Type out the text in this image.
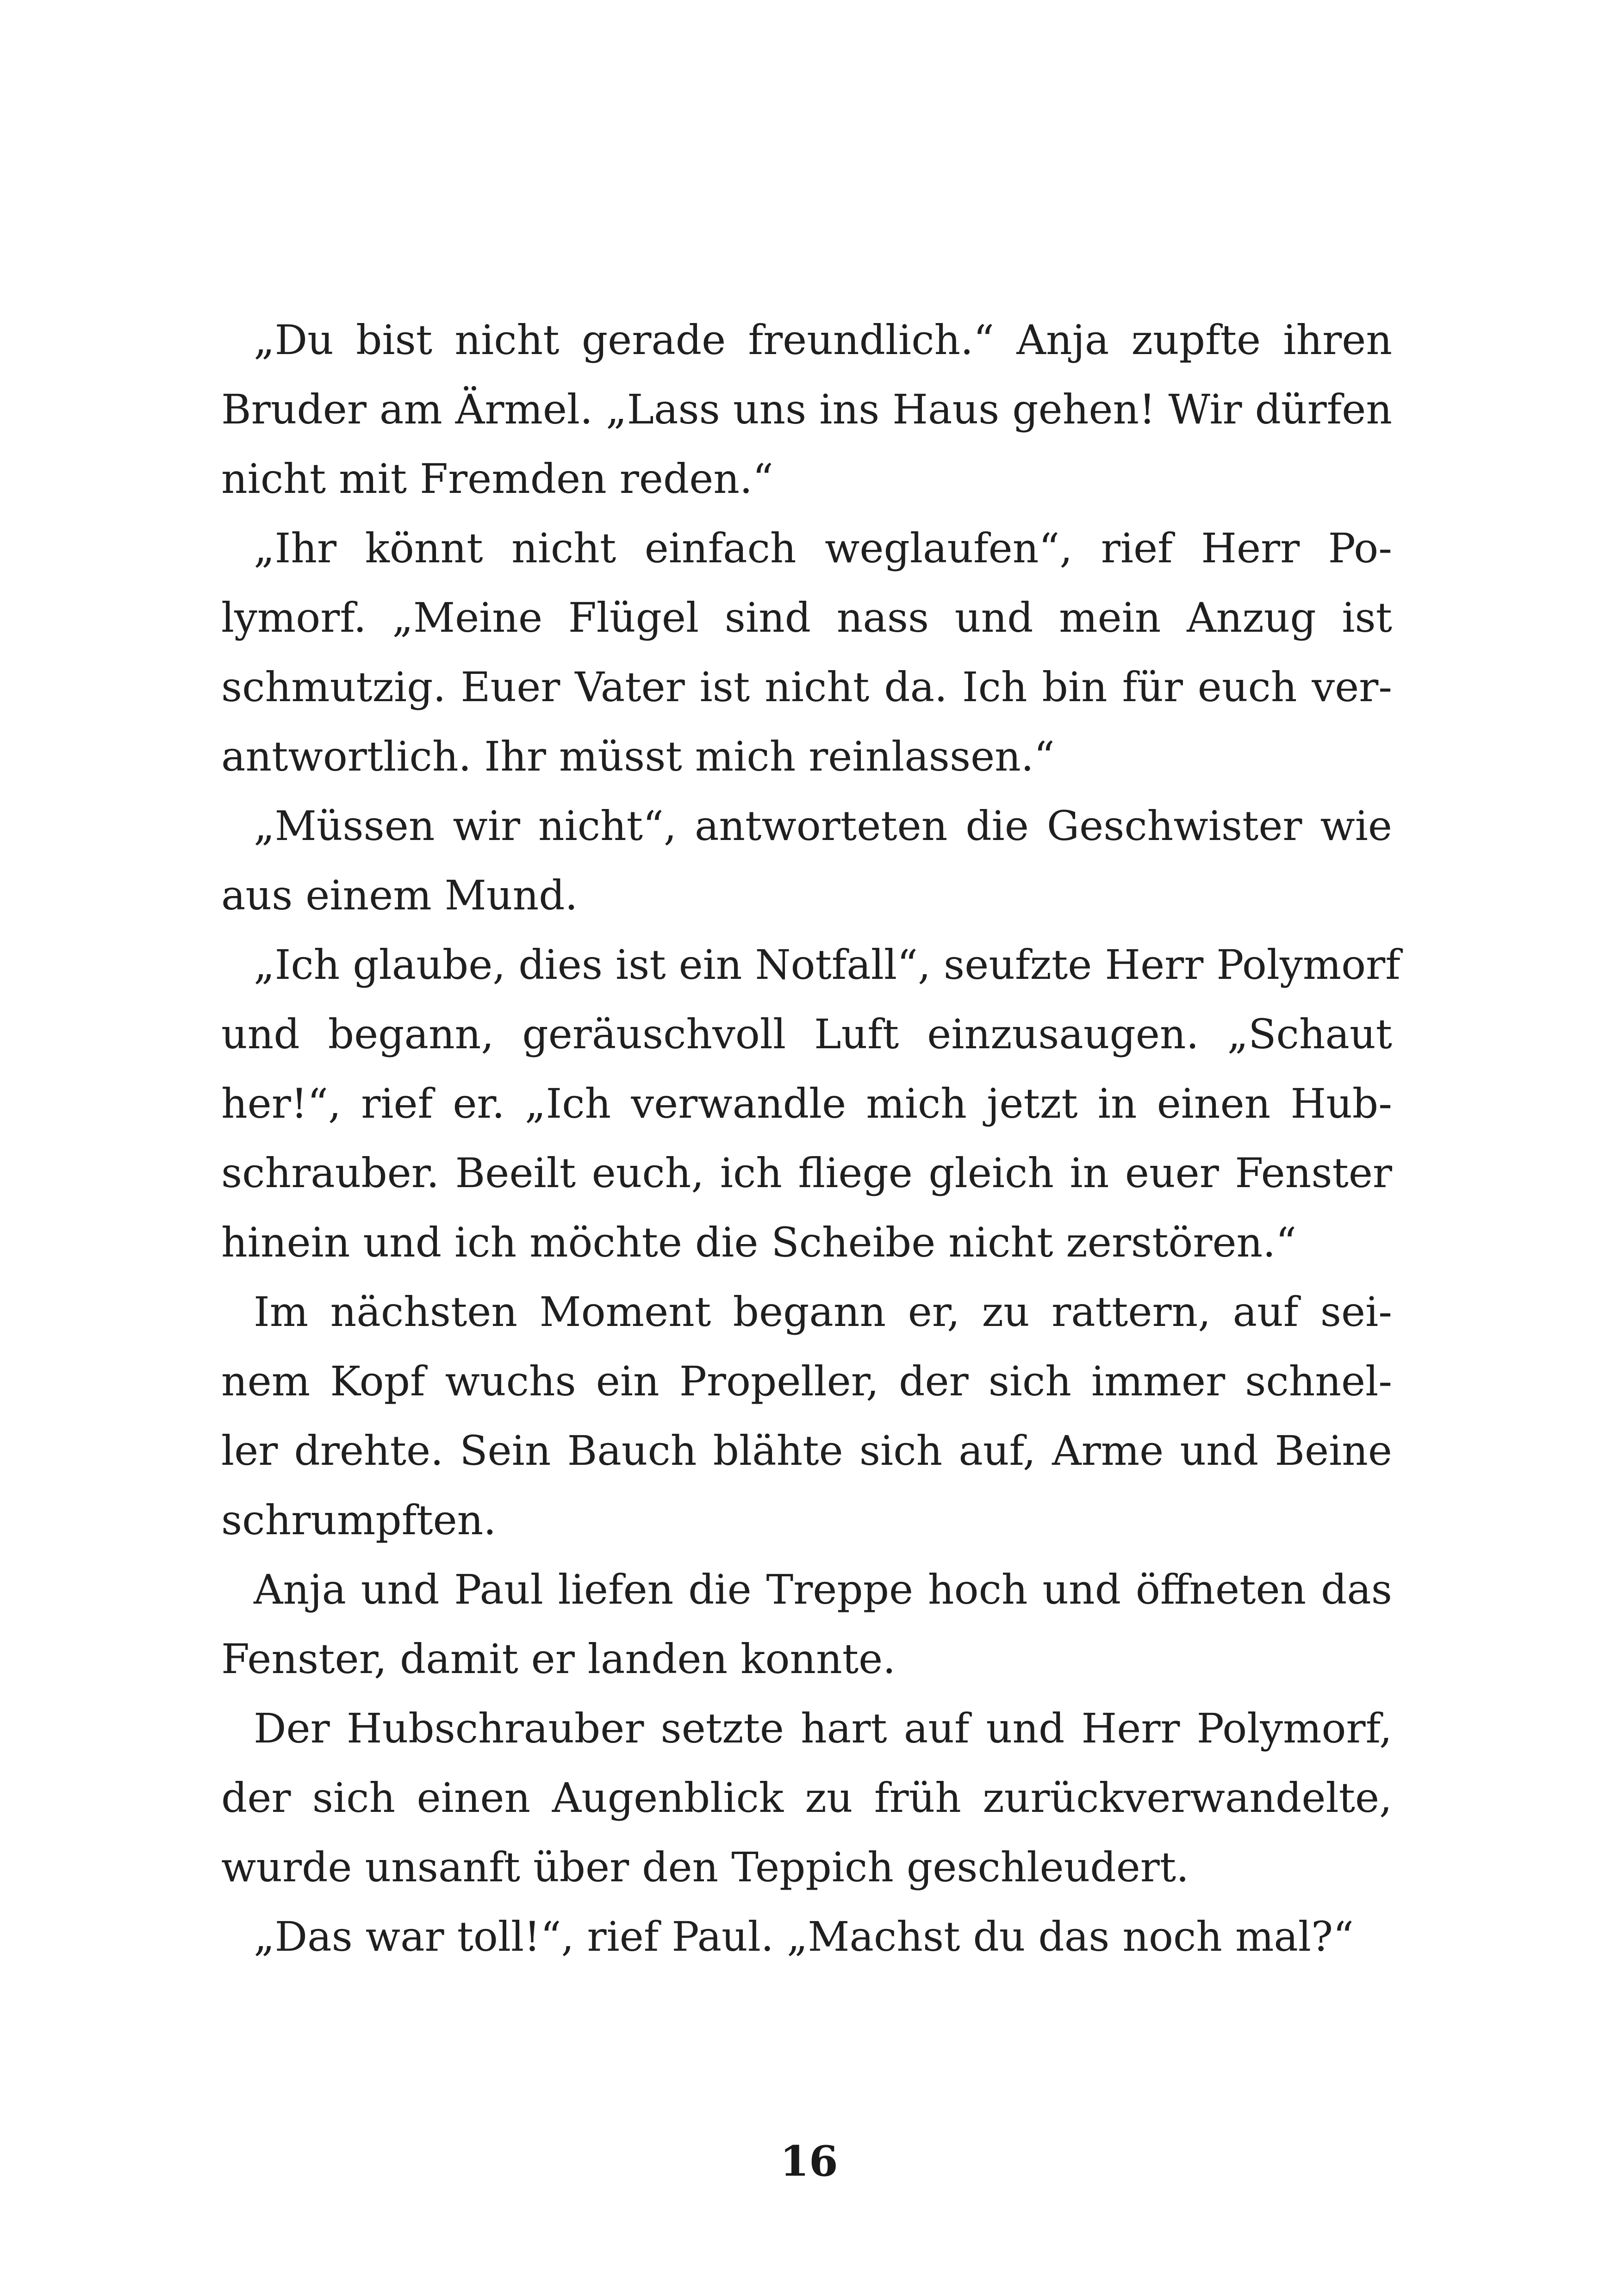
„Du bist nicht gerade freundlich.“ Anja zupfte ihren
Bruder am Ärmel. „Lass uns ins Haus gehen! Wir dürfen
nicht mit Fremden reden.“
„Ihr könnt nicht einfach weglaufen“, rief Herr Po-
lymorf. „Meine Flügel sind nass und mein Anzug ist
schmutzig. Euer Vater ist nicht da. Ich bin für euch ver-
antwortlich. Ihr müsst mich reinlassen.“
„Müssen wir nicht“, antworteten die Geschwister wie
aus einem Mund.
„Ich glaube, dies ist ein Notfall“, seufzte Herr Polymorf
und begann, geräuschvoll Luft einzusaugen. „Schaut
her!“, rief er. „Ich verwandle mich jetzt in einen Hub-
schrauber. Beeilt euch, ich fliege gleich in euer Fenster
hinein und ich möchte die Scheibe nicht zerstören.“
Im nächsten Moment begann er, zu rattern, auf sei-
nem Kopf wuchs ein Propeller, der sich immer schnel-
ler drehte. Sein Bauch blähte sich auf, Arme und Beine
schrumpften.
Anja und Paul liefen die Treppe hoch und öffneten das
Fenster, damit er landen konnte.
Der Hubschrauber setzte hart auf und Herr Polymorf,
der sich einen Augenblick zu früh zurückverwandelte,
wurde unsanft über den Teppich geschleudert.
„Das war toll!“, rief Paul. „Machst du das noch mal?“
16
